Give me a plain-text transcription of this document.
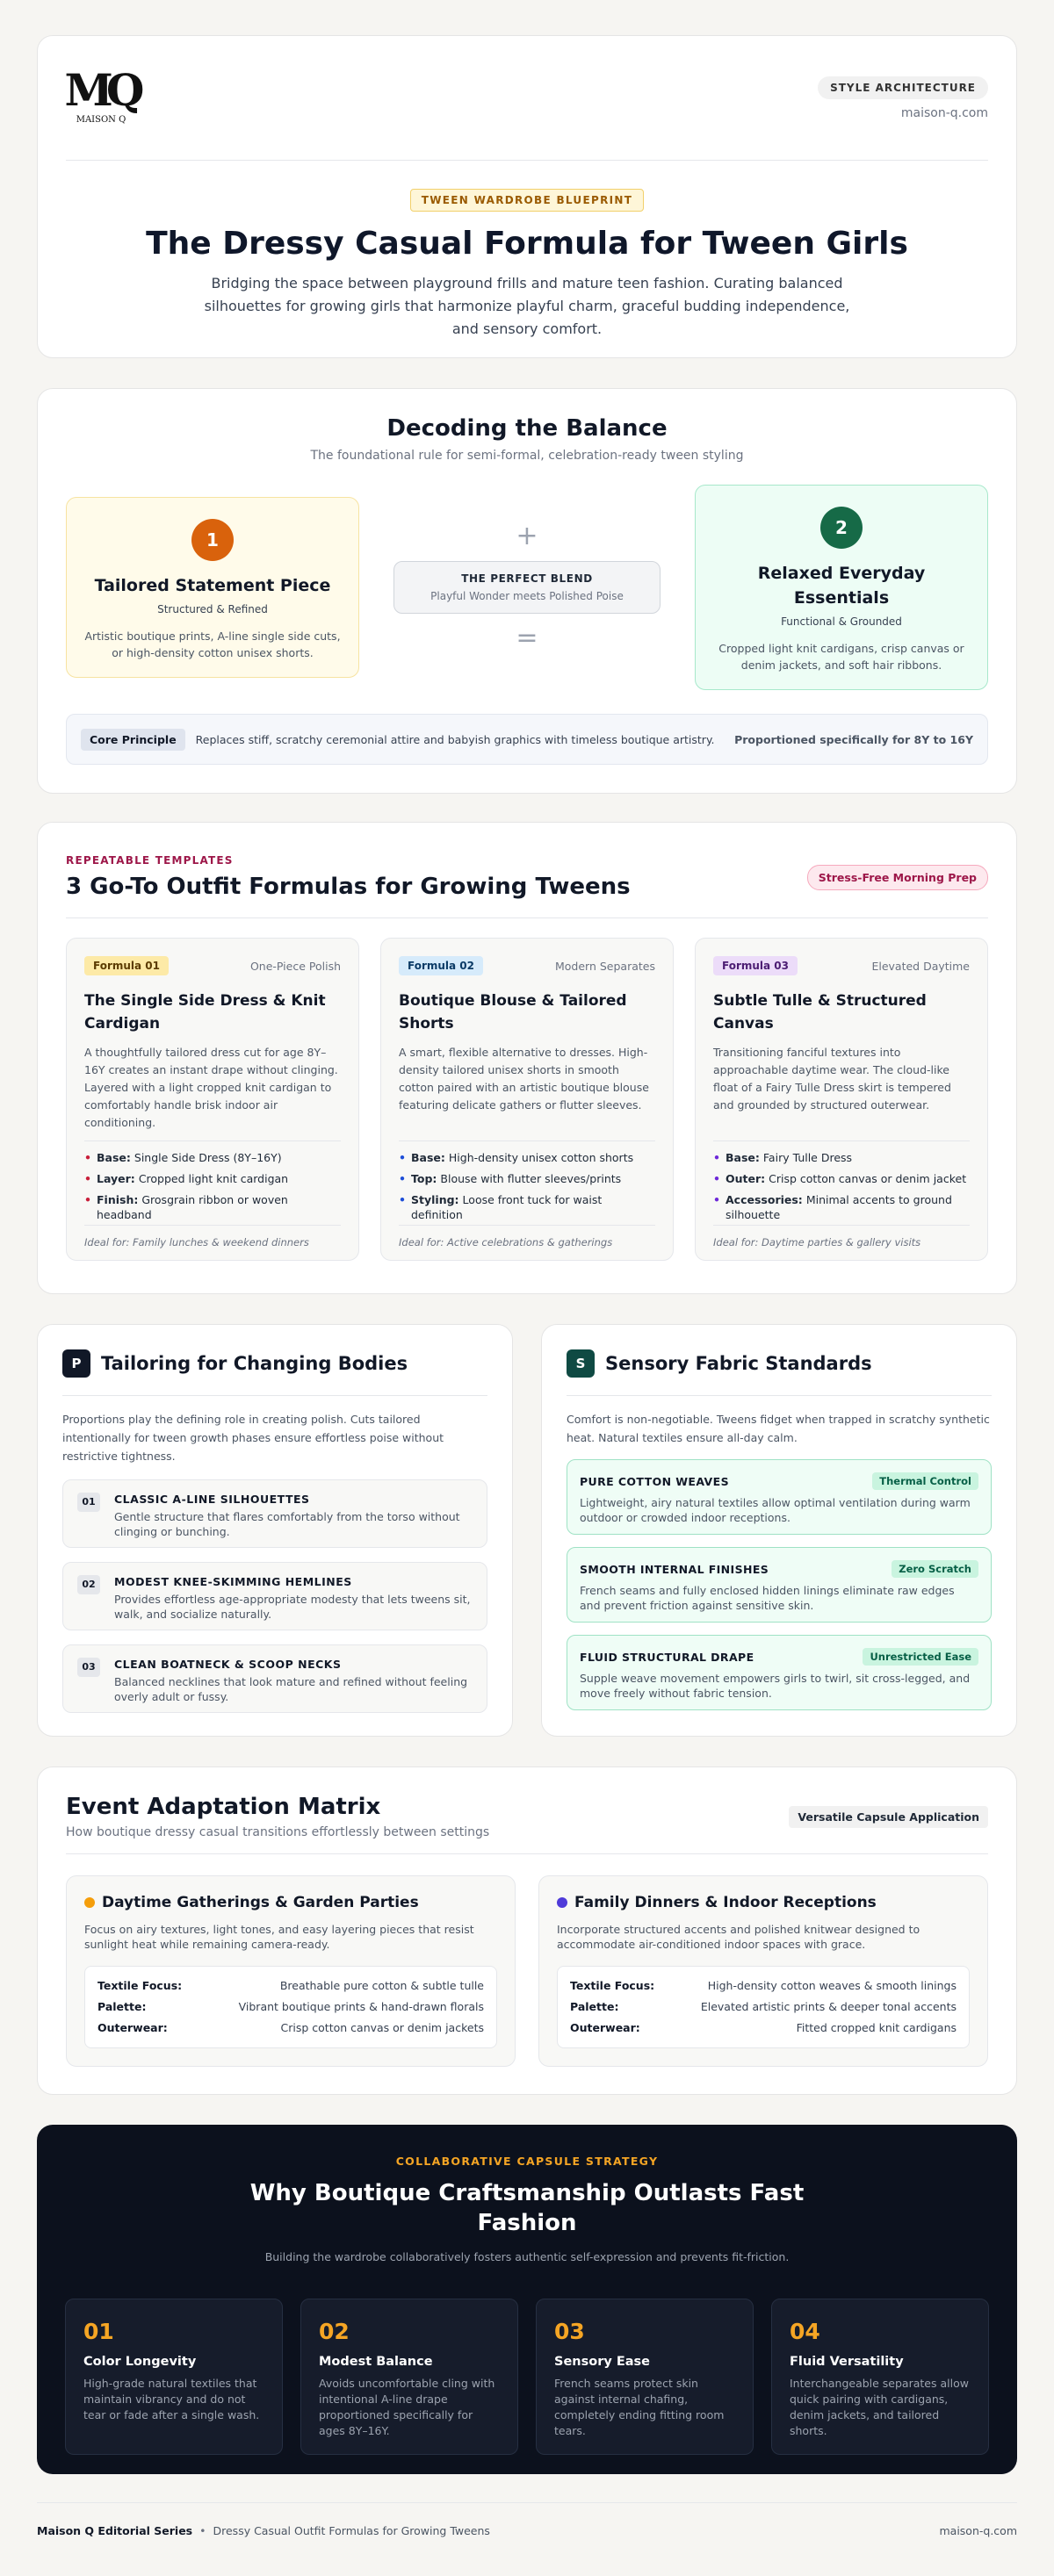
MQ
MAISON Q
STYLE ARCHITECTURE
maison-q.com
TWEEN WARDROBE BLUEPRINT
The Dressy Casual Formula for Tween Girls

Bridging the space between playground frills and mature teen fashion. Curating balanced silhouettes for growing girls that harmonize playful charm, graceful budding independence, and sensory comfort.

Decoding the Balance

The foundational rule for semi-formal, celebration-ready tween styling

1
Tailored Statement Piece
Structured & Refined
Artistic boutique prints, A-line single side cuts, or high-density cotton unisex shorts.
+
THE PERFECT BLEND
Playful Wonder meets Polished Poise
=
2
Relaxed Everyday Essentials
Functional & Grounded
Cropped light knit cardigans, crisp canvas or denim jackets, and soft hair ribbons.
Core Principle	Replaces stiff, scratchy ceremonial attire and babyish graphics with timeless boutique artistry.	Proportioned specifically for 8Y to 16Y
REPEATABLE TEMPLATES
3 Go-To Outfit Formulas for Growing Tweens	Stress-Free Morning Prep
Formula 01	One-Piece Polish
The Single Side Dress & Knit Cardigan

A thoughtfully tailored dress cut for age 8Y–16Y creates an instant drape without clinging. Layered with a light cropped knit cardigan to comfortably handle brisk indoor air conditioning.

• Base: Single Side Dress (8Y–16Y)
• Layer: Cropped light knit cardigan
• Finish: Grosgrain ribbon or woven headband
Ideal for: Family lunches & weekend dinners
Formula 02	Modern Separates
Boutique Blouse & Tailored Shorts

A smart, flexible alternative to dresses. High-density tailored unisex shorts in smooth cotton paired with an artistic boutique blouse featuring delicate gathers or flutter sleeves.

• Base: High-density unisex cotton shorts
• Top: Blouse with flutter sleeves/prints
• Styling: Loose front tuck for waist definition
Ideal for: Active celebrations & gatherings
Formula 03	Elevated Daytime
Subtle Tulle & Structured Canvas

Transitioning fanciful textures into approachable daytime wear. The cloud-like float of a Fairy Tulle Dress skirt is tempered and grounded by structured outerwear.

• Base: Fairy Tulle Dress
• Outer: Crisp cotton canvas or denim jacket
• Accessories: Minimal accents to ground silhouette
Ideal for: Daytime parties & gallery visits
P	Tailoring for Changing Bodies

Proportions play the defining role in creating polish. Cuts tailored intentionally for tween growth phases ensure effortless poise without restrictive tightness.

01	CLASSIC A-LINE SILHOUETTES
Gentle structure that flares comfortably from the torso without clinging or bunching.
02	MODEST KNEE-SKIMMING HEMLINES
Provides effortless age-appropriate modesty that lets tweens sit, walk, and socialize naturally.
03	CLEAN BOATNECK & SCOOP NECKS
Balanced necklines that look mature and refined without feeling overly adult or fussy.
S	Sensory Fabric Standards

Comfort is non-negotiable. Tweens fidget when trapped in scratchy synthetic heat. Natural textiles ensure all-day calm.

PURE COTTON WEAVES	Thermal Control
Lightweight, airy natural textiles allow optimal ventilation during warm outdoor or crowded indoor receptions.
SMOOTH INTERNAL FINISHES	Zero Scratch
French seams and fully enclosed hidden linings eliminate raw edges and prevent friction against sensitive skin.
FLUID STRUCTURAL DRAPE	Unrestricted Ease
Supple weave movement empowers girls to twirl, sit cross-legged, and move freely without fabric tension.
Event Adaptation Matrix

How boutique dressy casual transitions effortlessly between settings

Versatile Capsule Application
Daytime Gatherings & Garden Parties

Focus on airy textures, light tones, and easy layering pieces that resist sunlight heat while remaining camera-ready.

Textile Focus:	Breathable pure cotton & subtle tulle
Palette:	Vibrant boutique prints & hand-drawn florals
Outerwear:	Crisp cotton canvas or denim jackets
Family Dinners & Indoor Receptions

Incorporate structured accents and polished knitwear designed to accommodate air-conditioned indoor spaces with grace.

Textile Focus:	High-density cotton weaves & smooth linings
Palette:	Elevated artistic prints & deeper tonal accents
Outerwear:	Fitted cropped knit cardigans
COLLABORATIVE CAPSULE STRATEGY
Why Boutique Craftsmanship Outlasts Fast Fashion

Building the wardrobe collaboratively fosters authentic self-expression and prevents fit-friction.

01
Color Longevity
High-grade natural textiles that maintain vibrancy and do not tear or fade after a single wash.
02
Modest Balance
Avoids uncomfortable cling with intentional A-line drape proportioned specifically for ages 8Y–16Y.
03
Sensory Ease
French seams protect skin against internal chafing, completely ending fitting room tears.
04
Fluid Versatility
Interchangeable separates allow quick pairing with cardigans, denim jackets, and tailored shorts.
Maison Q Editorial Series • Dressy Casual Outfit Formulas for Growing Tweens	maison-q.com
